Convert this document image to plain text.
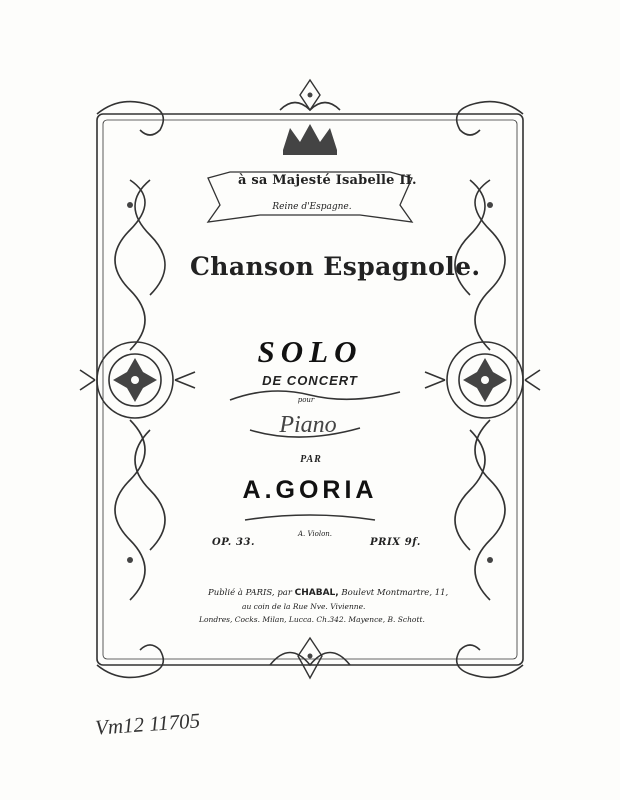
à sa Majesté Isabelle II.
Reine d'Espagne.
Chanson Espagnole.
SOLO
DE CONCERT
pour
Piano
PAR
A.GORIA
A. Violon.
OP. 33.	PRIX 9f.
Publié à PARIS, par CHABAL, Boulevt Montmartre, 11,
au coin de la Rue Nve. Vivienne.
Londres, Cocks. Milan, Lucca. Ch.342. Mayence, B. Schott.
Vm12 11705
